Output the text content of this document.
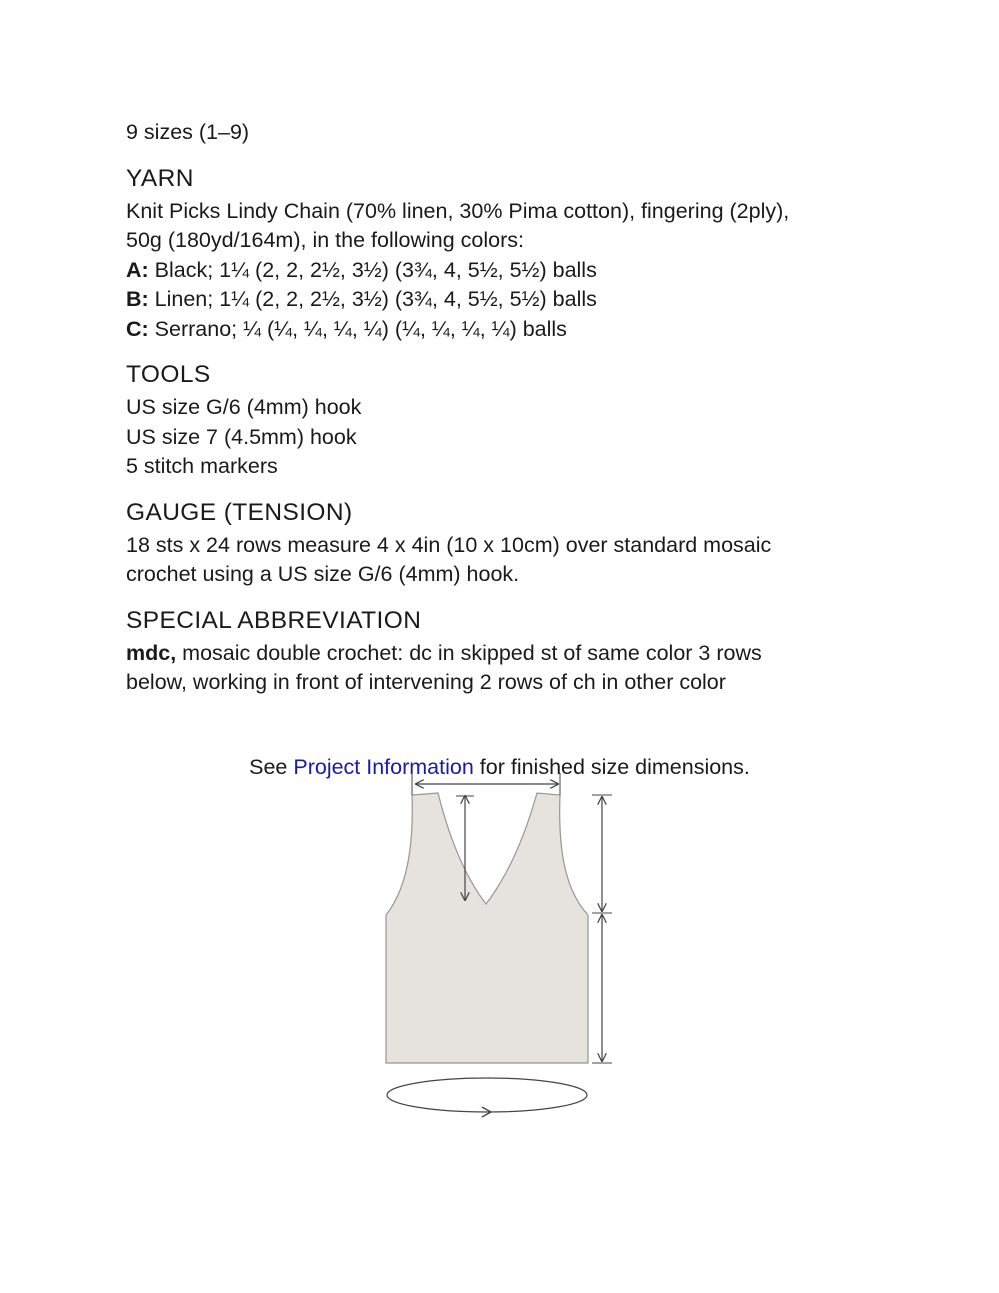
9 sizes (1–9)

YARN

Knit Picks Lindy Chain (70% linen, 30% Pima cotton), fingering (2ply),

50g (180yd/164m), in the following colors:

A: Black; 1¼ (2, 2, 2½, 3½) (3¾, 4, 5½, 5½) balls

B: Linen; 1¼ (2, 2, 2½, 3½) (3¾, 4, 5½, 5½) balls

C: Serrano; ¼ (¼, ¼, ¼, ¼) (¼, ¼, ¼, ¼) balls

TOOLS

US size G/6 (4mm) hook

US size 7 (4.5mm) hook

5 stitch markers

GAUGE (TENSION)

18 sts x 24 rows measure 4 x 4in (10 x 10cm) over standard mosaic

crochet using a US size G/6 (4mm) hook.

SPECIAL ABBREVIATION

mdc, mosaic double crochet: dc in skipped st of same color 3 rows

below, working in front of intervening 2 rows of ch in other color

See Project Information for finished size dimensions.
